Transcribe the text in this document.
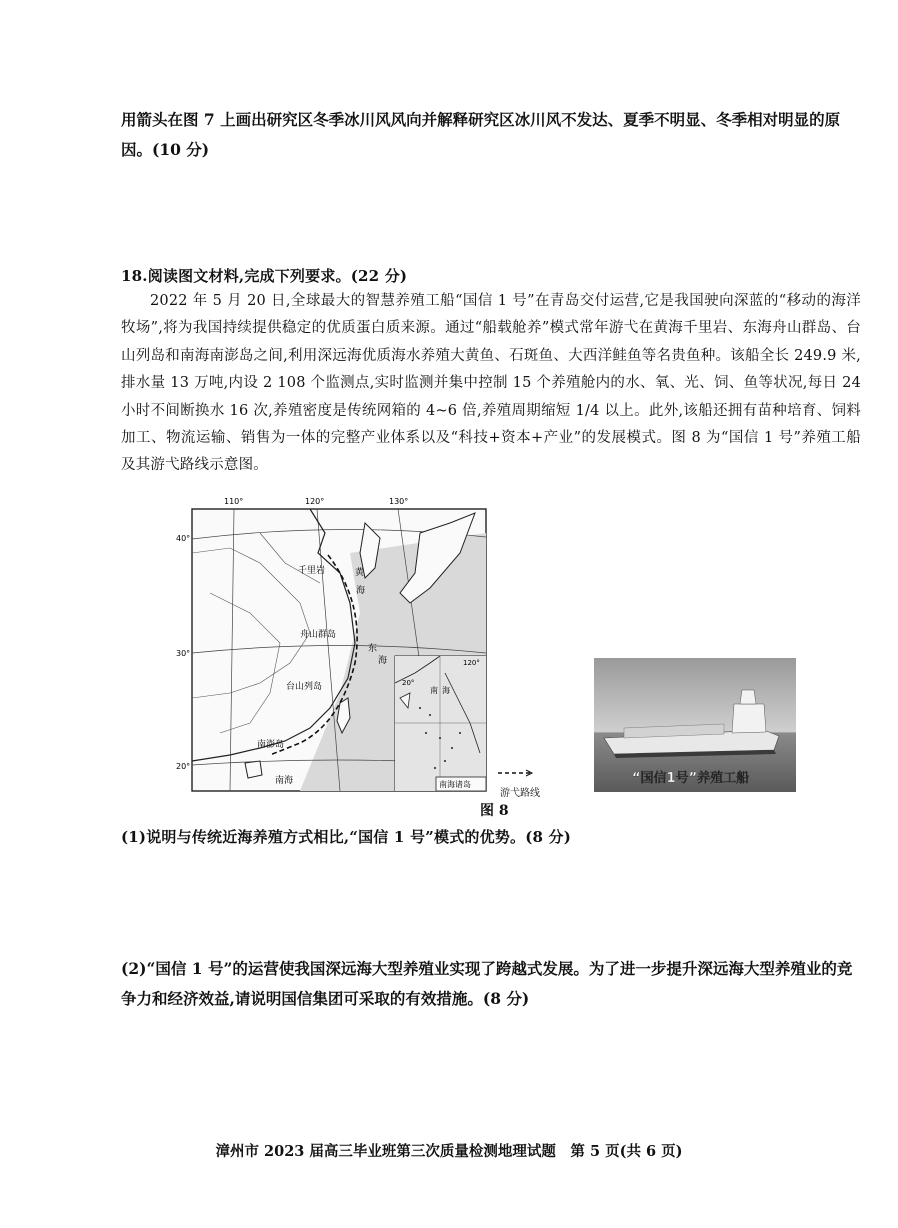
用箭头在图 7 上画出研究区冬季冰川风风向并解释研究区冰川风不发达、夏季不明显、冬季相对明显的原因。(10 分)
18.阅读图文材料,完成下列要求。(22 分)
2022 年 5 月 20 日,全球最大的智慧养殖工船“国信 1 号”在青岛交付运营,它是我国驶向深蓝的“移动的海洋牧场”,将为我国持续提供稳定的优质蛋白质来源。通过“船载舱养”模式常年游弋在黄海千里岩、东海舟山群岛、台山列岛和南海南澎岛之间,利用深远海优质海水养殖大黄鱼、石斑鱼、大西洋鲑鱼等名贵鱼种。该船全长 249.9 米,排水量 13 万吨,内设 2 108 个监测点,实时监测并集中控制 15 个养殖舱内的水、氧、光、饲、鱼等状况,每日 24 小时不间断换水 16 次,养殖密度是传统网箱的 4~6 倍,养殖周期缩短 1/4 以上。此外,该船还拥有苗种培育、饲料加工、物流运输、销售为一体的完整产业体系以及“科技+资本+产业”的发展模式。图 8 为“国信 1 号”养殖工船及其游弋路线示意图。
110°	120°	130°
40°
30°
20°
千里岩
舟山群岛
台山列岛
南澎岛
黄
海
东
海
南海
20°
120°
南 海
南海诸岛
游弋路线
“国信1号”养殖工船
图 8
(1)说明与传统近海养殖方式相比,“国信 1 号”模式的优势。(8 分)
(2)“国信 1 号”的运营使我国深远海大型养殖业实现了跨越式发展。为了进一步提升深远海大型养殖业的竞争力和经济效益,请说明国信集团可采取的有效措施。(8 分)
漳州市 2023 届高三毕业班第三次质量检测地理试题　第 5 页(共 6 页)
